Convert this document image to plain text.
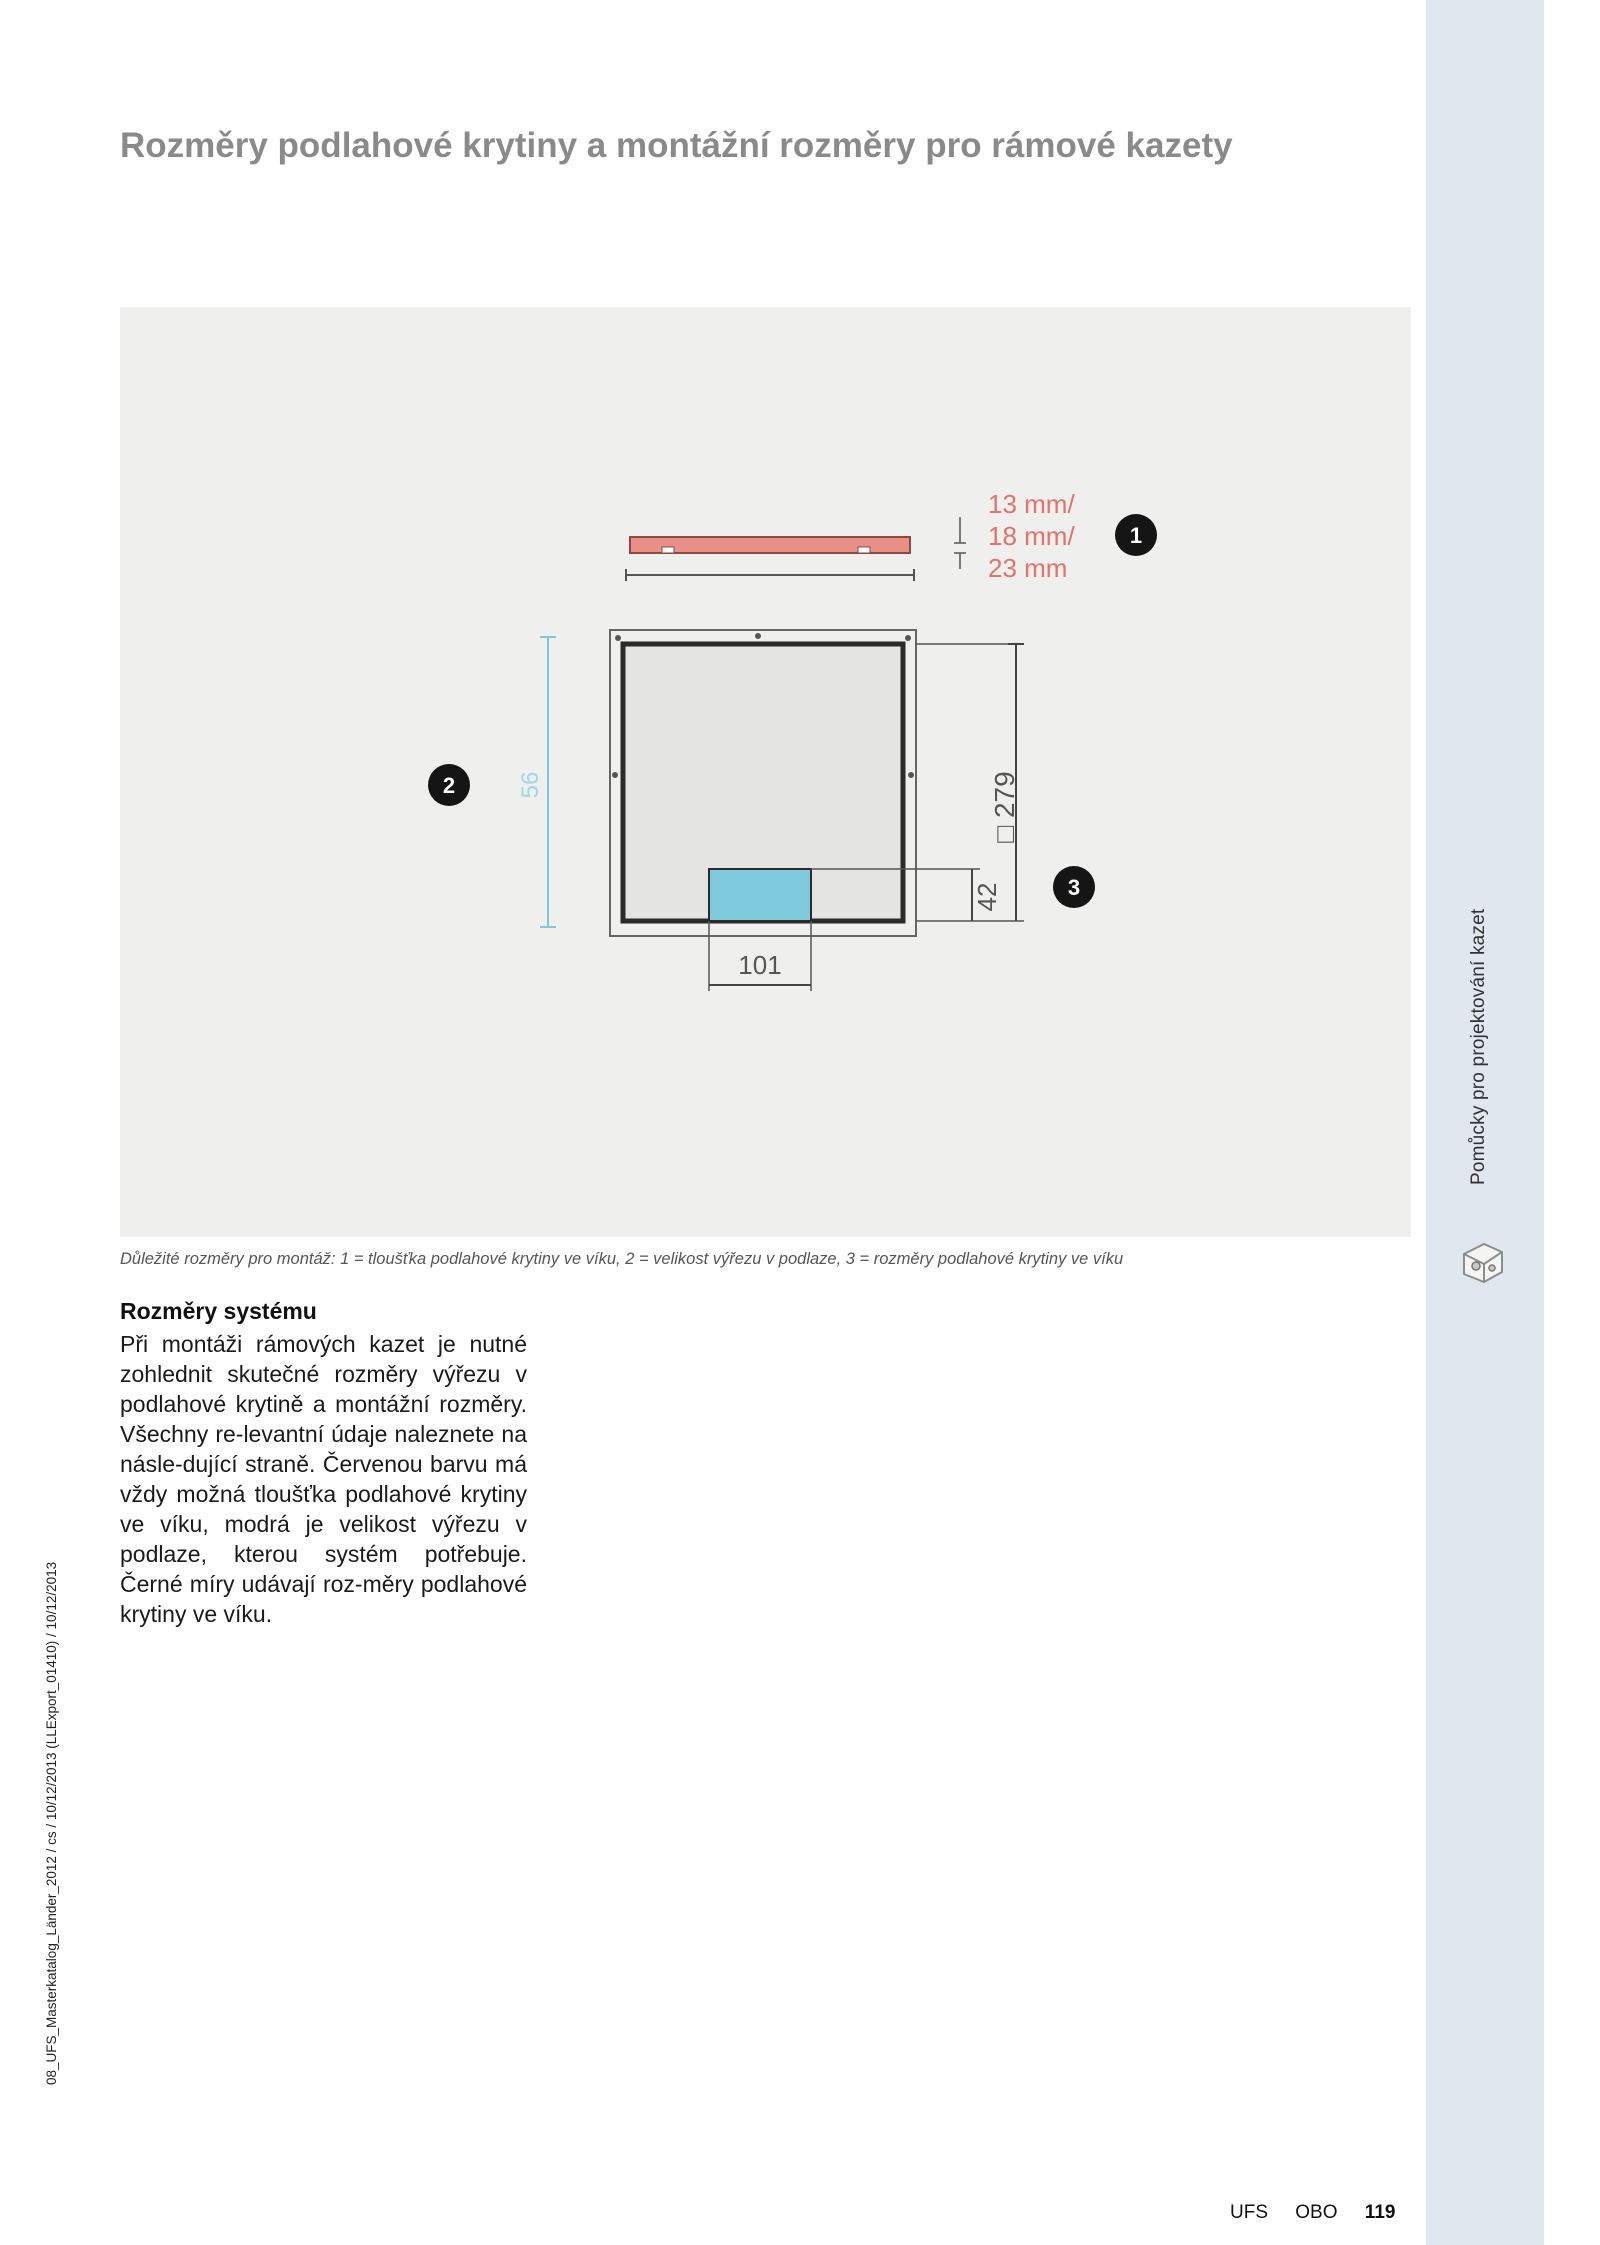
Pomůcky pro projektování kazet
08_UFS_Masterkatalog_Länder_2012 / cs / 10/12/2013 (LLExport_01410) / 10/12/2013
Rozměry podlahové krytiny a montážní rozměry pro rámové kazety
13 mm/
18 mm/
23 mm
1
56
2	□ 279
42	3
101
Důležité rozměry pro montáž: 1 = tloušťka podlahové krytiny ve víku, 2 = velikost výřezu v podlaze, 3 = rozměry podlahové krytiny ve víku
Rozměry systému

Při montáži rámových kazet je nutné zohlednit skutečné rozměry výřezu v podlahové krytině a montážní rozměry. Všechny re-levantní údaje naleznete na násle-dující straně. Červenou barvu má vždy možná tloušťka podlahové krytiny ve víku, modrá je velikost výřezu v podlaze, kterou systém potřebuje. Černé míry udávají roz-měry podlahové krytiny ve víku.

UFS OBO 119
